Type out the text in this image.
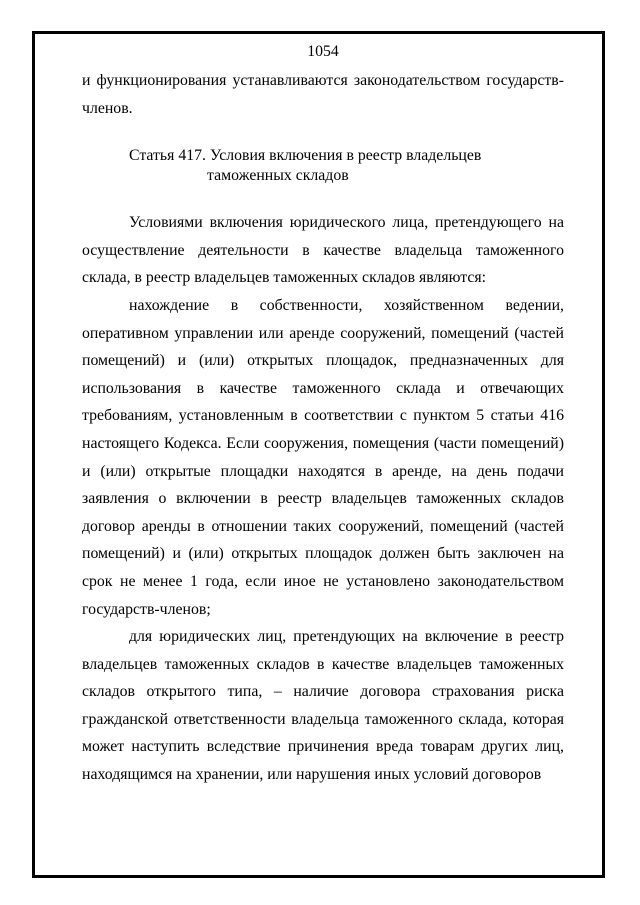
1054

и функционирования устанавливаются законодательством государств-членов.

Статья 417. Условия включения в реестр владельцев
таможенных складов

Условиями включения юридического лица, претендующего на осуществление деятельности в качестве владельца таможенного склада, в реестр владельцев таможенных складов являются:

нахождение в собственности, хозяйственном ведении, оперативном управлении или аренде сооружений, помещений (частей помещений) и (или) открытых площадок, предназначенных для использования в качестве таможенного склада и отвечающих требованиям, установленным в соответствии с пунктом 5 статьи 416 настоящего Кодекса. Если сооружения, помещения (части помещений) и (или) открытые площадки находятся в аренде, на день подачи заявления о включении в реестр владельцев таможенных складов договор аренды в отношении таких сооружений, помещений (частей помещений) и (или) открытых площадок должен быть заключен на срок не менее 1 года, если иное не установлено законодательством государств-членов;

для юридических лиц, претендующих на включение в реестр владельцев таможенных складов в качестве владельцев таможенных складов открытого типа, – наличие договора страхования риска гражданской ответственности владельца таможенного склада, которая может наступить вследствие причинения вреда товарам других лиц, находящимся на хранении, или нарушения иных условий договоров
